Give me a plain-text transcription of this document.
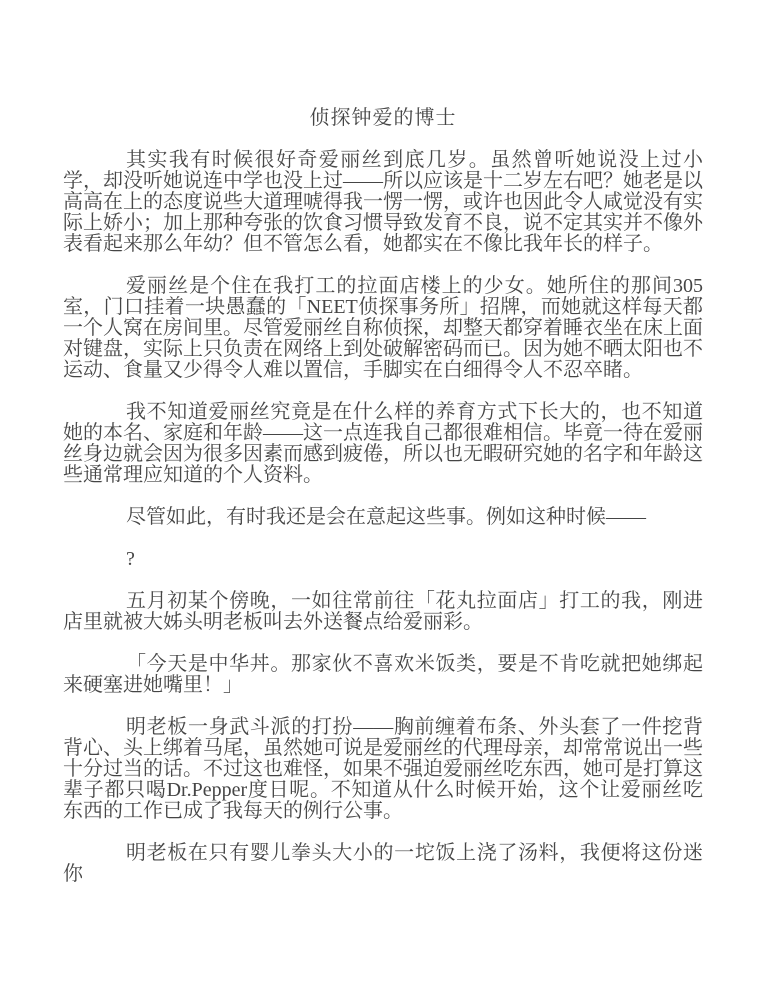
侦探钟爱的博士

其实我有时候很好奇爱丽丝到底几岁。虽然曾听她说没上过小学，却没听她说连中学也没上过——所以应该是十二岁左右吧？她老是以高高在上的态度说些大道理唬得我一愣一愣，或许也因此令人咸觉没有实际上娇小；加上那种夸张的饮食习惯导致发育不良，说不定其实并不像外表看起来那么年幼？但不管怎么看，她都实在不像比我年长的样子。

爱丽丝是个住在我打工的拉面店楼上的少女。她所住的那间305室，门口挂着一块愚蠢的「NEET侦探事务所」招牌，而她就这样每天都一个人窝在房间里。尽管爱丽丝自称侦探，却整天都穿着睡衣坐在床上面对键盘，实际上只负责在网络上到处破解密码而已。因为她不晒太阳也不运动、食量又少得令人难以置信，手脚实在白细得令人不忍卒睹。

我不知道爱丽丝究竟是在什么样的养育方式下长大的，也不知道她的本名、家庭和年龄——这一点连我自己都很难相信。毕竟一待在爱丽丝身边就会因为很多因素而感到疲倦，所以也无暇研究她的名字和年龄这些通常理应知道的个人资料。

尽管如此，有时我还是会在意起这些事。例如这种时候——

?

五月初某个傍晚，一如往常前往「花丸拉面店」打工的我，刚进店里就被大姊头明老板叫去外送餐点给爱丽彩。

「今天是中华丼。那家伙不喜欢米饭类，要是不肯吃就把她绑起来硬塞进她嘴里！」

明老板一身武斗派的打扮——胸前缠着布条、外头套了一件挖背背心、头上绑着马尾，虽然她可说是爱丽丝的代理母亲，却常常说出一些十分过当的话。不过这也难怪，如果不强迫爱丽丝吃东西，她可是打算这辈子都只喝Dr.Pepper度日呢。不知道从什么时候开始，这个让爱丽丝吃东西的工作已成了我每天的例行公事。

明老板在只有婴儿拳头大小的一坨饭上浇了汤料，我便将这份迷你
